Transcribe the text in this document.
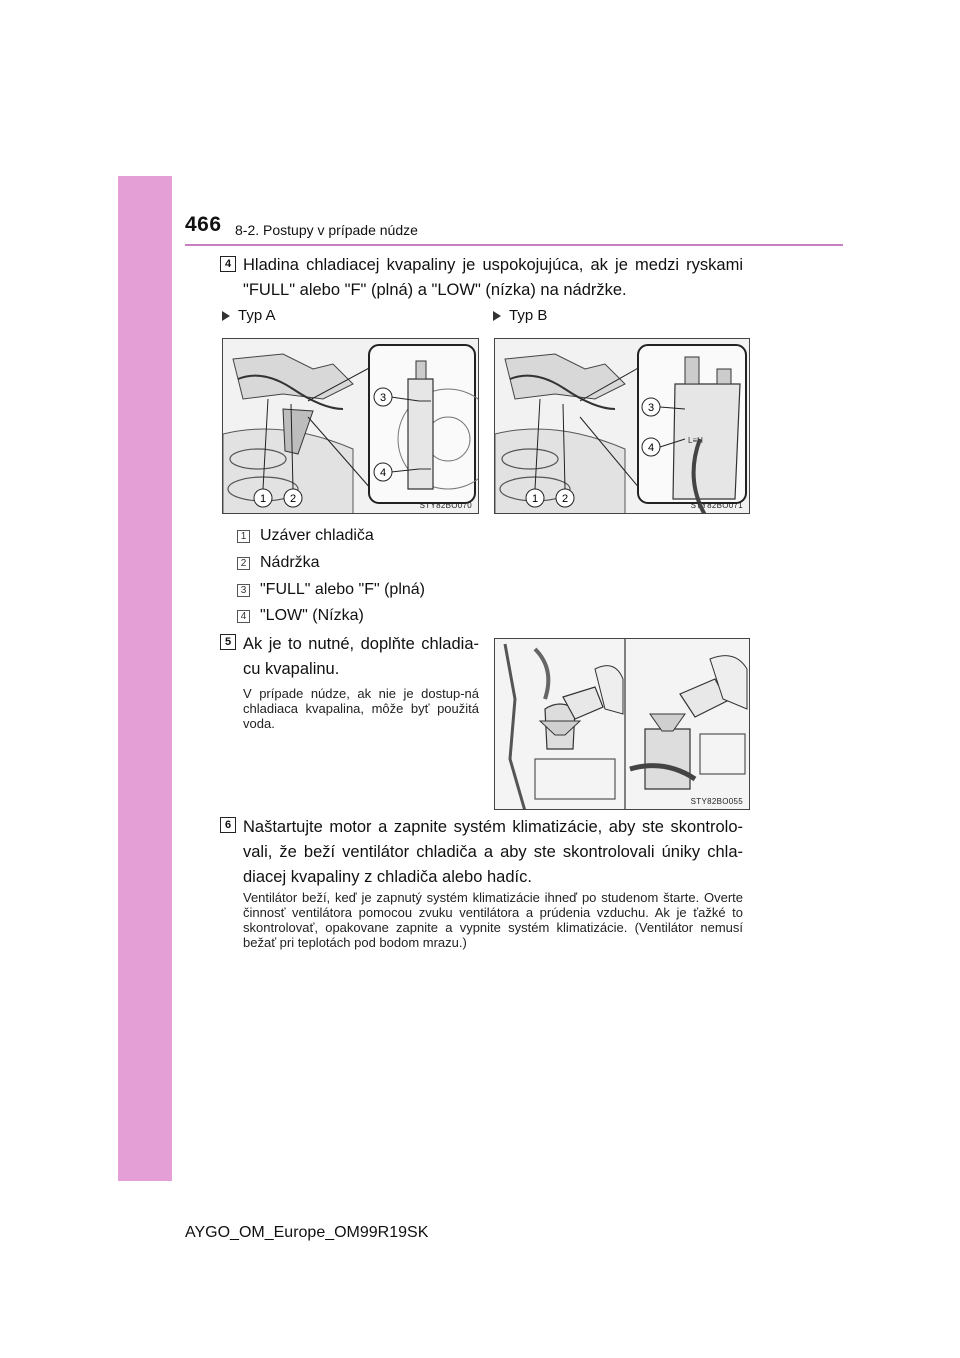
466 8-2. Postupy v prípade núdze
4 Hladina chladiacej kvapaliny je uspokojujúca, ak je medzi ryskami "FULL" alebo "F" (plná) a "LOW" (nízka) na nádržke.
Typ A	Typ B
1 2
3
4
STY82BO070
L≡H
1 2
3
4
STY82BO071
1 Uzáver chladiča
2 Nádržka
3 "FULL" alebo "F" (plná)
4 "LOW" (Nízka)
5 Ak je to nutné, doplňte chladia-cu kvapalinu.
V prípade núdze, ak nie je dostup-ná chladiaca kvapalina, môže byť použitá voda.
STY82BO055
6 Naštartujte motor a zapnite systém klimatizácie, aby ste skontrolo-vali, že beží ventilátor chladiča a aby ste skontrolovali úniky chla-diacej kvapaliny z chladiča alebo hadíc.
Ventilátor beží, keď je zapnutý systém klimatizácie ihneď po studenom štarte. Overte činnosť ventilátora pomocou zvuku ventilátora a prúdenia vzduchu. Ak je ťažké to skontrolovať, opakovane zapnite a vypnite systém klimatizácie. (Ventilátor nemusí bežať pri teplotách pod bodom mrazu.)
AYGO_OM_Europe_OM99R19SK
